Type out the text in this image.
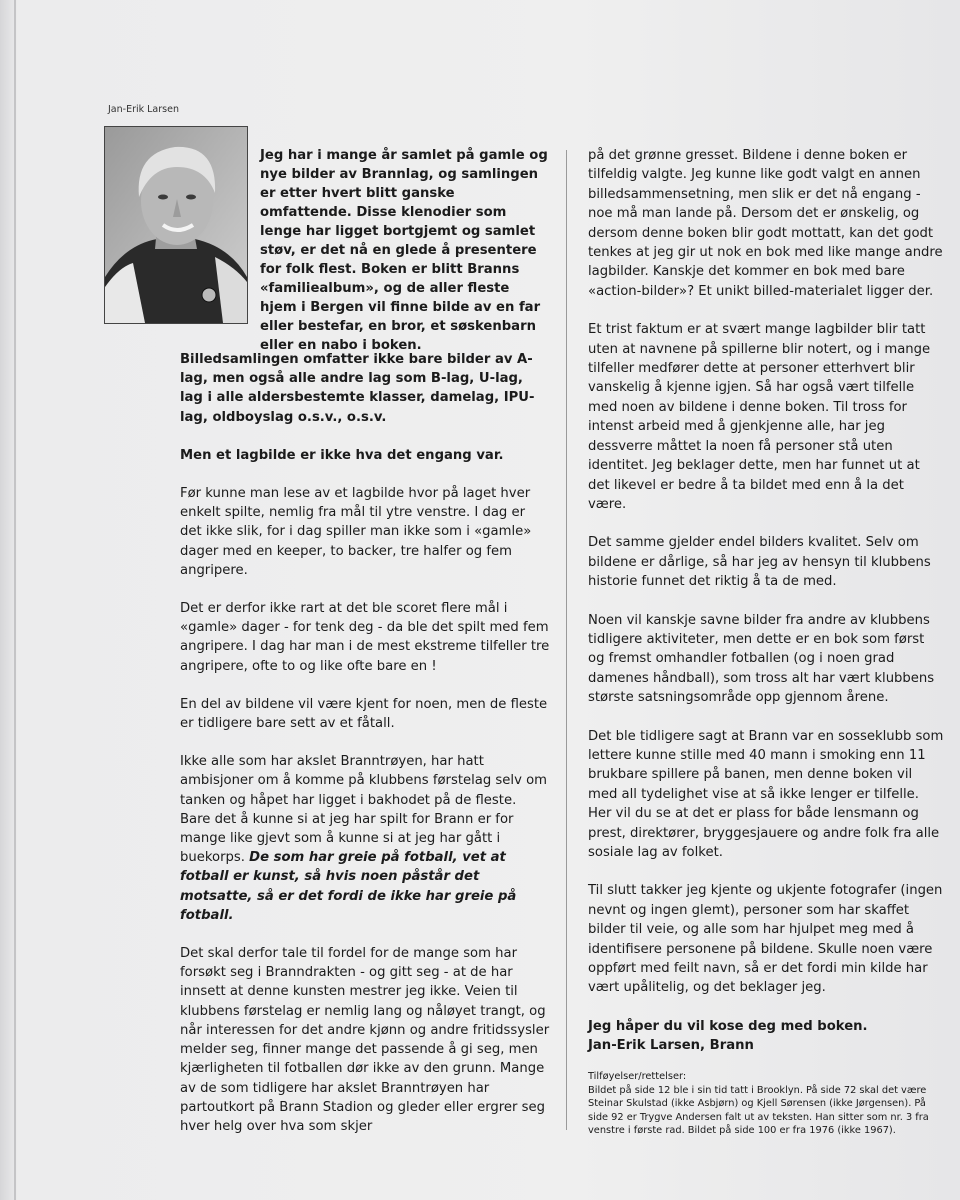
Jan-Erik Larsen

Jeg har i mange år samlet på gamle og nye bilder av Brannlag, og samlingen er etter hvert blitt ganske omfattende. Disse klenodier som lenge har ligget bortgjemt og samlet støv, er det nå en glede å presentere for folk flest. Boken er blitt Branns «familiealbum», og de aller fleste hjem i Bergen vil finne bilde av en far eller bestefar, en bror, et søskenbarn eller en nabo i boken.

Billedsamlingen omfatter ikke bare bilder av A-lag, men også alle andre lag som B-lag, U-lag, lag i alle aldersbestemte klasser, damelag, IPU-lag, oldboyslag o.s.v., o.s.v.

Men et lagbilde er ikke hva det engang var.

Før kunne man lese av et lagbilde hvor på laget hver enkelt spilte, nemlig fra mål til ytre venstre. I dag er det ikke slik, for i dag spiller man ikke som i «gamle» dager med en keeper, to backer, tre halfer og fem angripere.

Det er derfor ikke rart at det ble scoret flere mål i «gamle» dager - for tenk deg - da ble det spilt med fem angripere. I dag har man i de mest ekstreme tilfeller tre angripere, ofte to og like ofte bare en !

En del av bildene vil være kjent for noen, men de fleste er tidligere bare sett av et fåtall.

Ikke alle som har akslet Branntrøyen, har hatt ambisjoner om å komme på klubbens førstelag selv om tanken og håpet har ligget i bakhodet på de fleste. Bare det å kunne si at jeg har spilt for Brann er for mange like gjevt som å kunne si at jeg har gått i buekorps. De som har greie på fotball, vet at fotball er kunst, så hvis noen påstår det motsatte, så er det fordi de ikke har greie på fotball.

Det skal derfor tale til fordel for de mange som har forsøkt seg i Branndrakten - og gitt seg - at de har innsett at denne kunsten mestrer jeg ikke. Veien til klubbens førstelag er nemlig lang og nåløyet trangt, og når interessen for det andre kjønn og andre fritidssysler melder seg, finner mange det passende å gi seg, men kjærligheten til fotballen dør ikke av den grunn. Mange av de som tidligere har akslet Branntrøyen har partoutkort på Brann Stadion og gleder eller ergrer seg hver helg over hva som skjer

på det grønne gresset. Bildene i denne boken er tilfeldig valgte. Jeg kunne like godt valgt en annen billedsammensetning, men slik er det nå engang - noe må man lande på. Dersom det er ønskelig, og dersom denne boken blir godt mottatt, kan det godt tenkes at jeg gir ut nok en bok med like mange andre lagbilder. Kanskje det kommer en bok med bare «action-bilder»? Et unikt billed-materialet ligger der.

Et trist faktum er at svært mange lagbilder blir tatt uten at navnene på spillerne blir notert, og i mange tilfeller medfører dette at personer etterhvert blir vanskelig å kjenne igjen. Så har også vært tilfelle med noen av bildene i denne boken. Til tross for intenst arbeid med å gjenkjenne alle, har jeg dessverre måttet la noen få personer stå uten identitet. Jeg beklager dette, men har funnet ut at det likevel er bedre å ta bildet med enn å la det være.

Det samme gjelder endel bilders kvalitet. Selv om bildene er dårlige, så har jeg av hensyn til klubbens historie funnet det riktig å ta de med.

Noen vil kanskje savne bilder fra andre av klubbens tidligere aktiviteter, men dette er en bok som først og fremst omhandler fotballen (og i noen grad damenes håndball), som tross alt har vært klubbens største satsningsområde opp gjennom årene.

Det ble tidligere sagt at Brann var en sosseklubb som lettere kunne stille med 40 mann i smoking enn 11 brukbare spillere på banen, men denne boken vil med all tydelighet vise at så ikke lenger er tilfelle. Her vil du se at det er plass for både lensmann og prest, direktører, bryggesjauere og andre folk fra alle sosiale lag av folket.

Til slutt takker jeg kjente og ukjente fotografer (ingen nevnt og ingen glemt), personer som har skaffet bilder til veie, og alle som har hjulpet meg med å identifisere personene på bildene. Skulle noen være oppført med feilt navn, så er det fordi min kilde har vært upålitelig, og det beklager jeg.

Jeg håper du vil kose deg med boken.
Jan-Erik Larsen, Brann
Tilføyelser/rettelser:
Bildet på side 12 ble i sin tid tatt i Brooklyn. På side 72 skal det være Steinar Skulstad (ikke Asbjørn) og Kjell Sørensen (ikke Jørgensen). På side 92 er Trygve Andersen falt ut av teksten. Han sitter som nr. 3 fra venstre i første rad. Bildet på side 100 er fra 1976 (ikke 1967).
